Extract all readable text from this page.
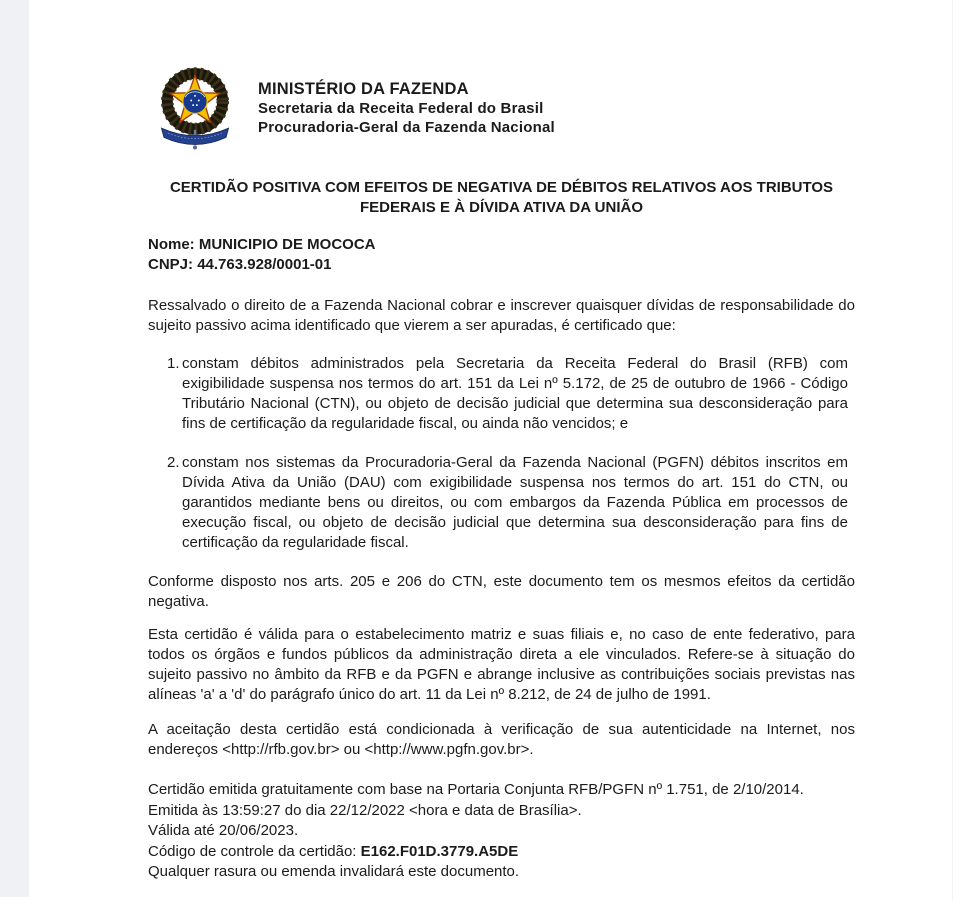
MINISTÉRIO DA FAZENDA
Secretaria da Receita Federal do Brasil
Procuradoria-Geral da Fazenda Nacional
CERTIDÃO POSITIVA COM EFEITOS DE NEGATIVA DE DÉBITOS RELATIVOS AOS TRIBUTOS
FEDERAIS E À DÍVIDA ATIVA DA UNIÃO
Nome: MUNICIPIO DE MOCOCA
CNPJ: 44.763.928/0001-01

Ressalvado o direito de a Fazenda Nacional cobrar e inscrever quaisquer dívidas de responsabilidade do sujeito passivo acima identificado que vierem a ser apuradas, é certificado que:

1. constam débitos administrados pela Secretaria da Receita Federal do Brasil (RFB) com exigibilidade suspensa nos termos do art. 151 da Lei nº 5.172, de 25 de outubro de 1966 - Código Tributário Nacional (CTN), ou objeto de decisão judicial que determina sua desconsideração para fins de certificação da regularidade fiscal, ou ainda não vencidos; e
2. constam nos sistemas da Procuradoria-Geral da Fazenda Nacional (PGFN) débitos inscritos em Dívida Ativa da União (DAU) com exigibilidade suspensa nos termos do art. 151 do CTN, ou garantidos mediante bens ou direitos, ou com embargos da Fazenda Pública em processos de execução fiscal, ou objeto de decisão judicial que determina sua desconsideração para fins de certificação da regularidade fiscal.

Conforme disposto nos arts. 205 e 206 do CTN, este documento tem os mesmos efeitos da certidão negativa.

Esta certidão é válida para o estabelecimento matriz e suas filiais e, no caso de ente federativo, para todos os órgãos e fundos públicos da administração direta a ele vinculados. Refere-se à situação do sujeito passivo no âmbito da RFB e da PGFN e abrange inclusive as contribuições sociais previstas nas alíneas 'a' a 'd' do parágrafo único do art. 11 da Lei nº 8.212, de 24 de julho de 1991.

A aceitação desta certidão está condicionada à verificação de sua autenticidade na Internet, nos endereços <http://rfb.gov.br> ou <http://www.pgfn.gov.br>.

Certidão emitida gratuitamente com base na Portaria Conjunta RFB/PGFN nº 1.751, de 2/10/2014.
Emitida às 13:59:27 do dia 22/12/2022 <hora e data de Brasília>.
Válida até 20/06/2023.
Código de controle da certidão: E162.F01D.3779.A5DE
Qualquer rasura ou emenda invalidará este documento.
